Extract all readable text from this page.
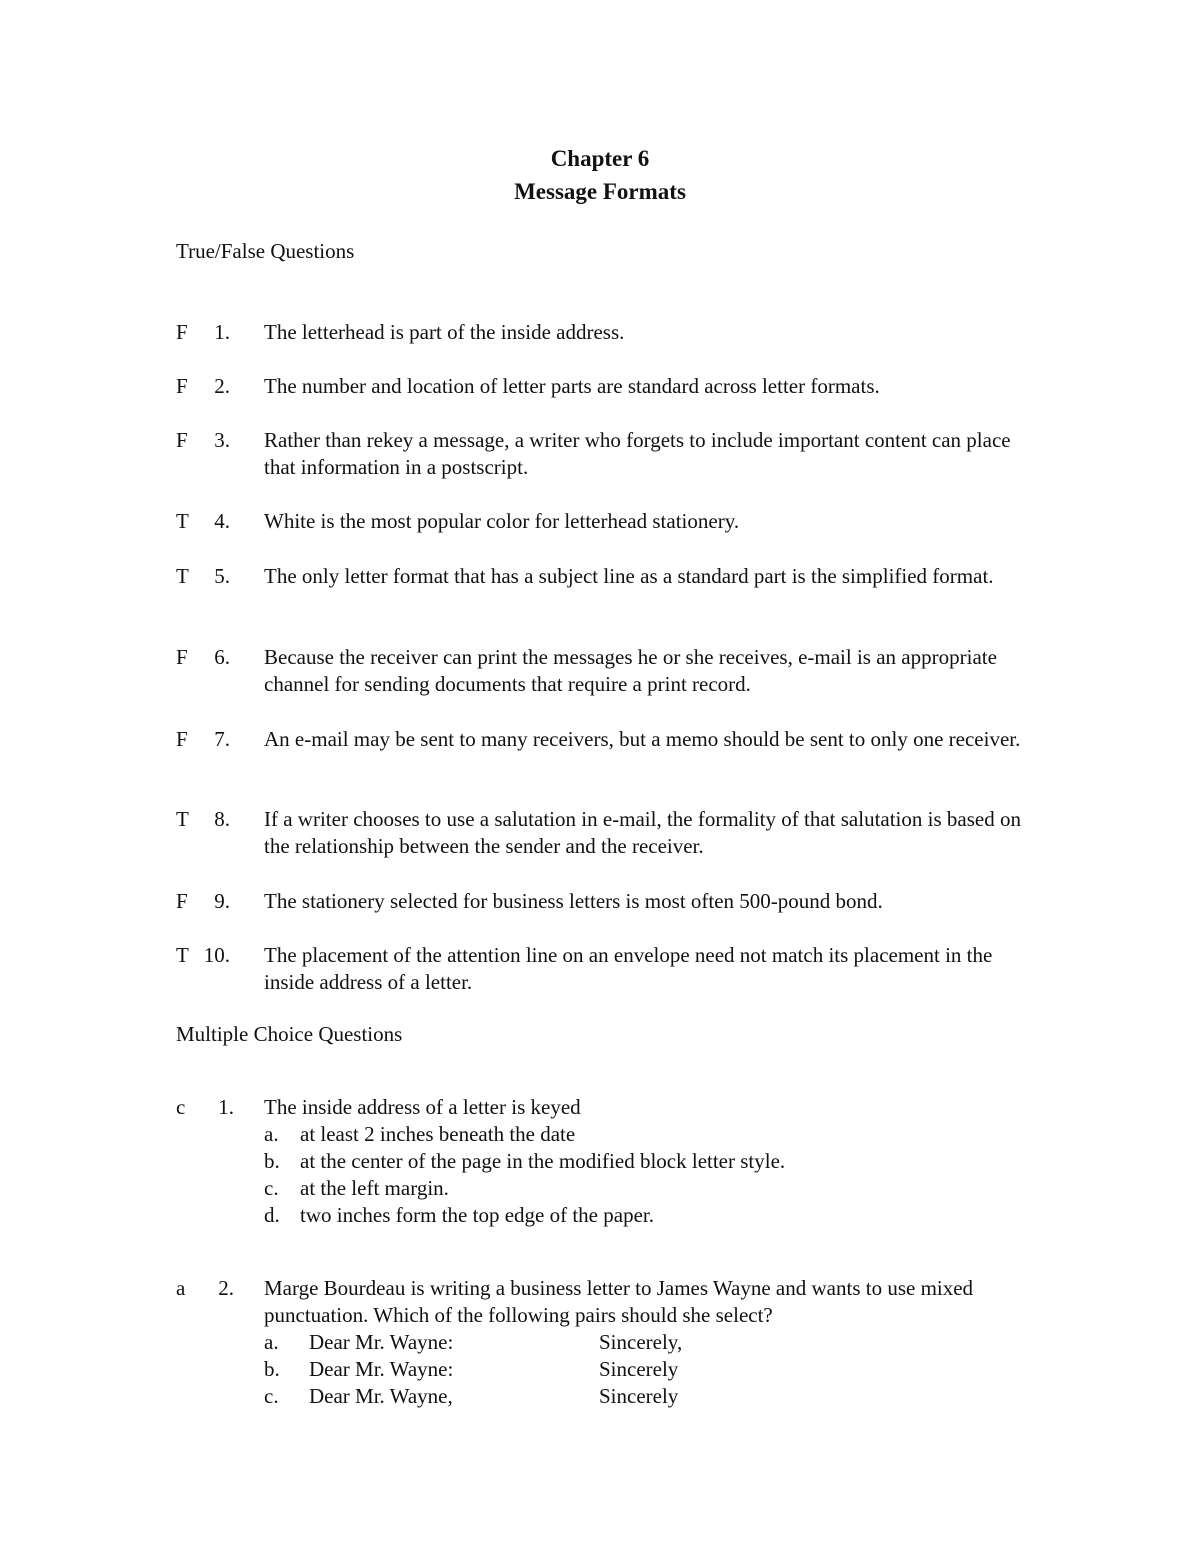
Chapter 6
Message Formats
True/False Questions
F	1. The letterhead is part of the inside address.
F	2. The number and location of letter parts are standard across letter formats.
F	3. Rather than rekey a message, a writer who forgets to include important content can place that information in a postscript.
T	4. White is the most popular color for letterhead stationery.
T	5. The only letter format that has a subject line as a standard part is the simplified format.
F	6. Because the receiver can print the messages he or she receives, e-mail is an appropriate channel for sending documents that require a print record.
F	7. An e-mail may be sent to many receivers, but a memo should be sent to only one receiver.
T	8. If a writer chooses to use a salutation in e-mail, the formality of that salutation is based on the relationship between the sender and the receiver.
F	9. The stationery selected for business letters is most often 500-pound bond.
T 10. The placement of the attention line on an envelope need not match its placement in the inside address of a letter.
Multiple Choice Questions
c	1. The inside address of a letter is keyed
a.	at least 2 inches beneath the date
b. at the center of the page in the modified block letter style.
c.	at the left margin.
d. two inches form the top edge of the paper.
a	2. Marge Bourdeau is writing a business letter to James Wayne and wants to use mixed punctuation. Which of the following pairs should she select?
a.	Dear Mr. Wayne:	Sincerely,
b.	Dear Mr. Wayne:	Sincerely
c.	Dear Mr. Wayne,	Sincerely
